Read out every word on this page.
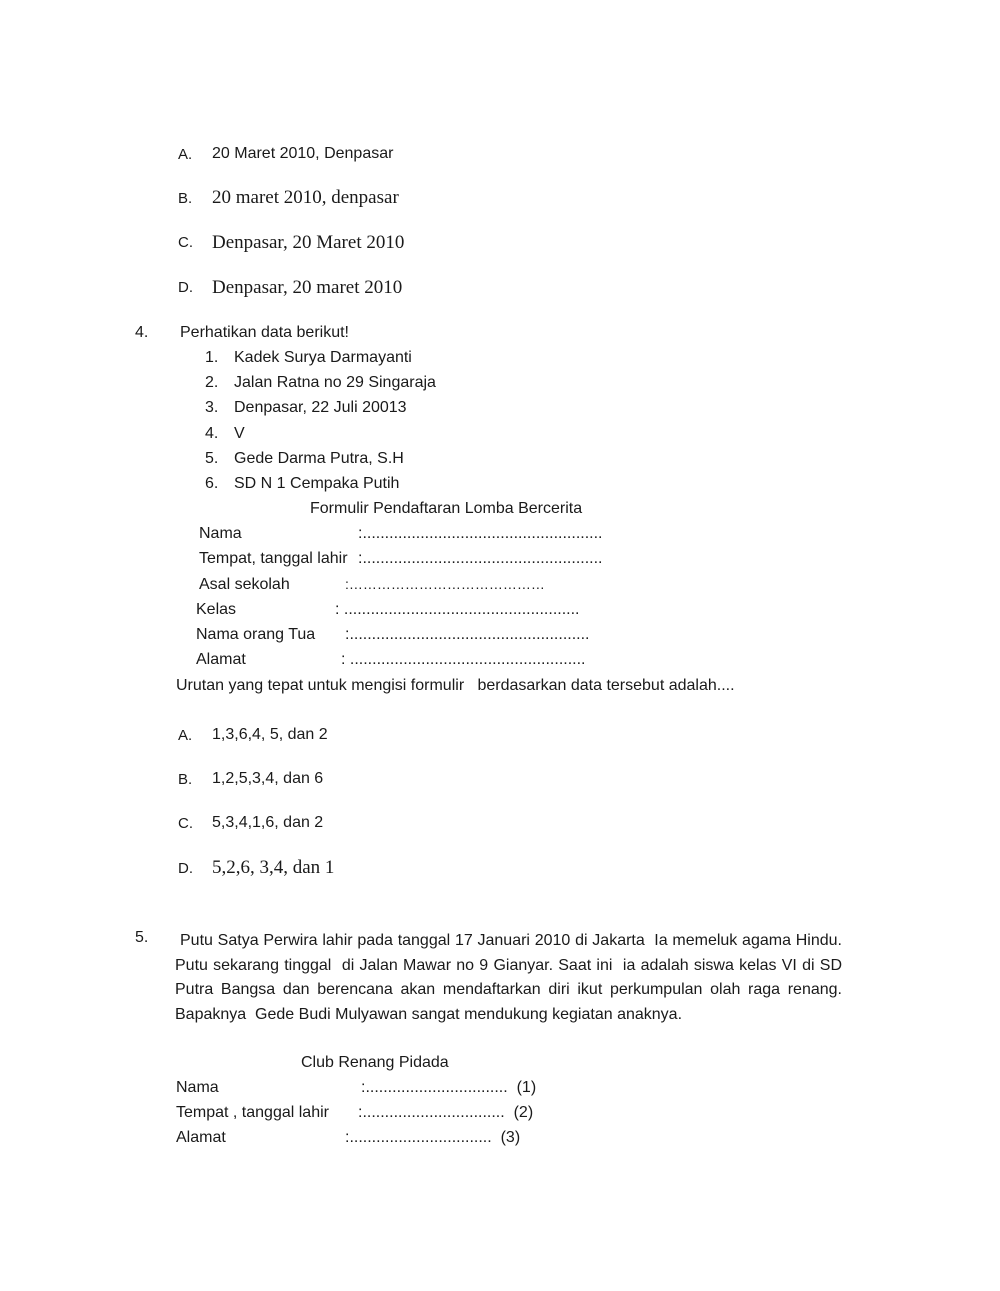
A. 20 Maret 2010, Denpasar
B. 20 maret 2010, denpasar
C. Denpasar, 20 Maret 2010
D. Denpasar, 20 maret 2010
4. Perhatikan data berikut!
1. Kadek Surya Darmayanti
2. Jalan Ratna no 29 Singaraja
3. Denpasar, 22 Juli 20013
4. V
5. Gede Darma Putra, S.H
6. SD N 1 Cempaka Putih
Formulir Pendaftaran Lomba Bercerita
Nama	:......................................................
Tempat, tanggal lahir :......................................................
Asal sekolah	:……………………………………
Kelas	: .....................................................
Nama orang Tua :......................................................
Alamat	: .....................................................
Urutan yang tepat untuk mengisi formulir   berdasarkan data tersebut adalah....
A. 1,3,6,4, 5, dan 2
B. 1,2,5,3,4, dan 6
C. 5,3,4,1,6, dan 2
D. 5,2,6, 3,4, dan 1
5.	Putu Satya Perwira lahir pada tanggal 17 Januari 2010 di Jakarta  Ia memeluk agama Hindu. Putu sekarang tinggal  di Jalan Mawar no 9 Gianyar. Saat ini  ia adalah siswa kelas VI di SD Putra Bangsa dan berencana akan mendaftarkan diri ikut perkumpulan olah raga renang. Bapaknya  Gede Budi Mulyawan sangat mendukung kegiatan anaknya.

Club Renang Pidada
Nama	:................................  (1)
Tempat , tanggal lahir :................................  (2)
Alamat	:................................  (3)
